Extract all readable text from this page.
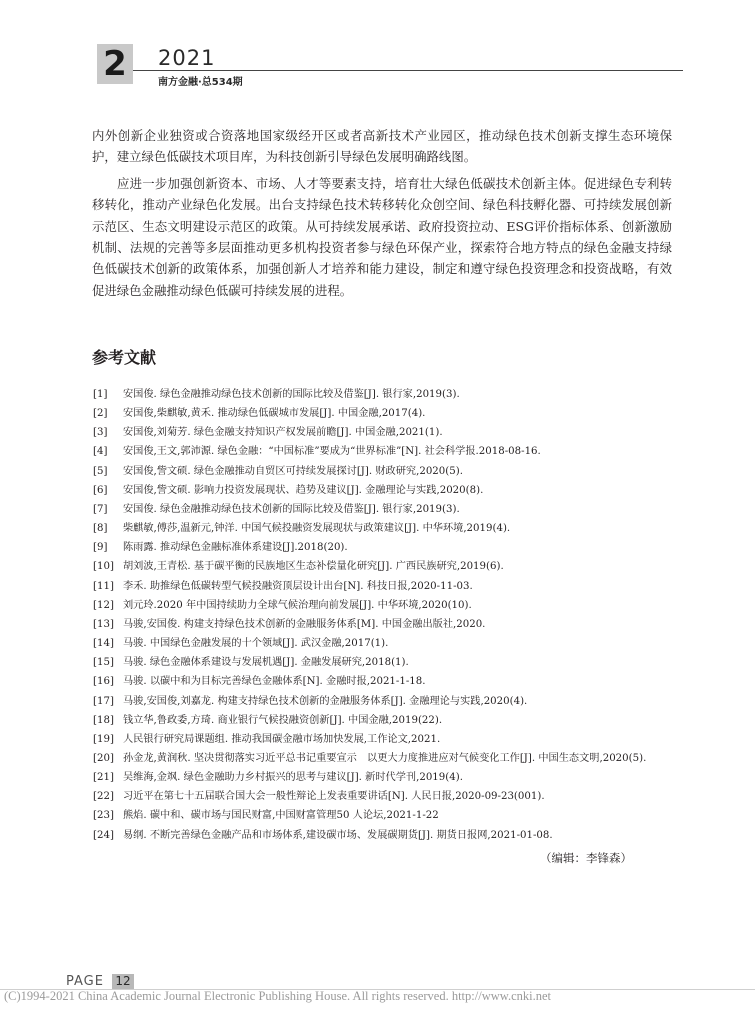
2 2021
南方金融·总534期

内外创新企业独资或合资落地国家级经开区或者高新技术产业园区，推动绿色技术创新支撑生态环境保护，建立绿色低碳技术项目库，为科技创新引导绿色发展明确路线图。

应进一步加强创新资本、市场、人才等要素支持，培育壮大绿色低碳技术创新主体。促进绿色专利转移转化，推动产业绿色化发展。出台支持绿色技术转移转化众创空间、绿色科技孵化器、可持续发展创新示范区、生态文明建设示范区的政策。从可持续发展承诺、政府投资拉动、ESG评价指标体系、创新激励机制、法规的完善等多层面推动更多机构投资者参与绿色环保产业，探索符合地方特点的绿色金融支持绿色低碳技术创新的政策体系，加强创新人才培养和能力建设，制定和遵守绿色投资理念和投资战略，有效促进绿色金融推动绿色低碳可持续发展的进程。

参考文献
[1] 安国俊. 绿色金融推动绿色技术创新的国际比较及借鉴[J]. 银行家,2019(3).
[2] 安国俊,柴麒敏,黄禾. 推动绿色低碳城市发展[J]. 中国金融,2017(4).
[3] 安国俊,刘菊芳. 绿色金融支持知识产权发展前瞻[J]. 中国金融,2021(1).
[4] 安国俊,王文,郭沛源. 绿色金融：“中国标准”要成为“世界标准”[N]. 社会科学报.2018-08-16.
[5] 安国俊,訾文硕. 绿色金融推动自贸区可持续发展探讨[J]. 财政研究,2020(5).
[6] 安国俊,訾文硕. 影响力投资发展现状、趋势及建议[J]. 金融理论与实践,2020(8).
[7] 安国俊. 绿色金融推动绿色技术创新的国际比较及借鉴[J]. 银行家,2019(3).
[8] 柴麒敏,傅莎,温新元,钟洋. 中国气候投融资发展现状与政策建议[J]. 中华环境,2019(4).
[9] 陈雨露. 推动绿色金融标准体系建设[J].2018(20).
[10] 胡刘波,王青松. 基于碳平衡的民族地区生态补偿量化研究[J]. 广西民族研究,2019(6).
[11] 李禾. 助推绿色低碳转型气候投融资顶层设计出台[N]. 科技日报,2020-11-03.
[12] 刘元玲.2020 年中国持续助力全球气候治理向前发展[J]. 中华环境,2020(10).
[13] 马骏,安国俊. 构建支持绿色技术创新的金融服务体系[M]. 中国金融出版社,2020.
[14] 马骏. 中国绿色金融发展的十个领域[J]. 武汉金融,2017(1).
[15] 马骏. 绿色金融体系建设与发展机遇[J]. 金融发展研究,2018(1).
[16] 马骏. 以碳中和为目标完善绿色金融体系[N]. 金融时报,2021-1-18.
[17] 马骏,安国俊,刘嘉龙. 构建支持绿色技术创新的金融服务体系[J]. 金融理论与实践,2020(4).
[18] 钱立华,鲁政委,方琦. 商业银行气候投融资创新[J]. 中国金融,2019(22).
[19] 人民银行研究局课题组. 推动我国碳金融市场加快发展,工作论文,2021.
[20] 孙金龙,黄润秋. 坚决贯彻落实习近平总书记重要宣示　以更大力度推进应对气候变化工作[J]. 中国生态文明,2020(5).
[21] 吴维海,金飒. 绿色金融助力乡村振兴的思考与建议[J]. 新时代学刊,2019(4).
[22] 习近平在第七十五届联合国大会一般性辩论上发表重要讲话[N]. 人民日报,2020-09-23(001).
[23] 熊焰. 碳中和、碳市场与国民财富,中国财富管理50 人论坛,2021-1-22
[24] 易纲. 不断完善绿色金融产品和市场体系,建设碳市场、发展碳期货[J]. 期货日报网,2021-01-08.
（编辑：李锋森）
PAGE 12
(C)1994-2021 China Academic Journal Electronic Publishing House. All rights reserved. http://www.cnki.net
